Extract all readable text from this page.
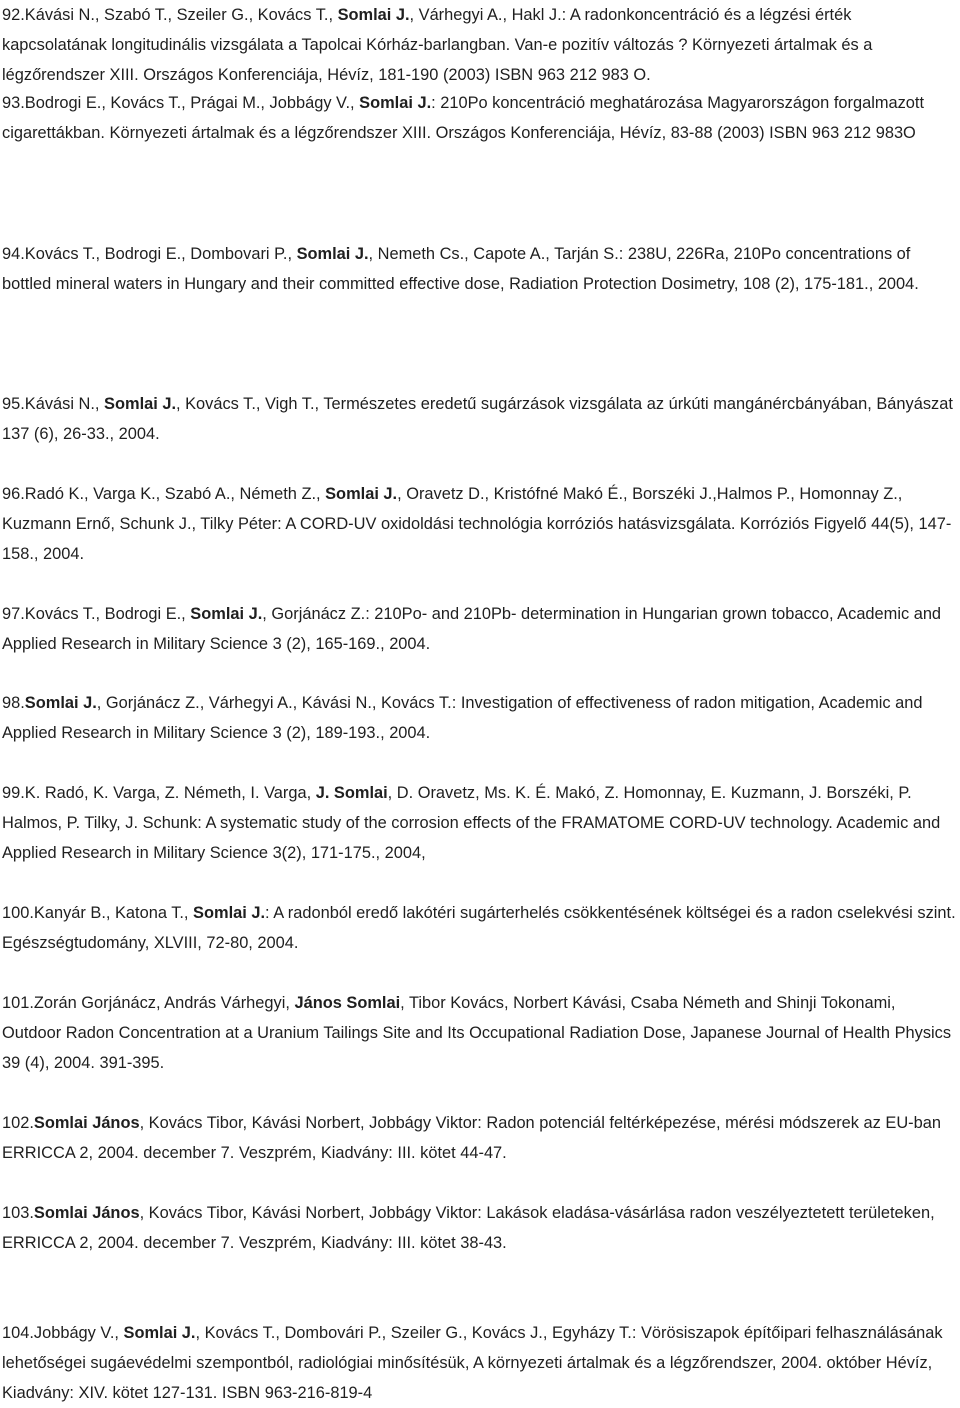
92.Kávási N., Szabó T., Szeiler G., Kovács T., Somlai J., Várhegyi A., Hakl J.: A radonkoncentráció és a légzési érték kapcsolatának longitudinális vizsgálata a Tapolcai Kórház-barlangban. Van-e pozitív változás ? Környezeti ártalmak és a légzőrendszer XIII. Országos Konferenciája, Hévíz, 181-190 (2003) ISBN 963 212 983 O.

93.Bodrogi E., Kovács T., Prágai M., Jobbágy V., Somlai J.: 210Po koncentráció meghatározása Magyarországon forgalmazott cigarettákban. Környezeti ártalmak és a légzőrendszer XIII. Országos Konferenciája, Hévíz, 83-88 (2003) ISBN 963 212 983O

94.Kovács T., Bodrogi E., Dombovari P., Somlai J., Nemeth Cs., Capote A., Tarján S.: 238U, 226Ra, 210Po concentrations of bottled mineral waters in Hungary and their committed effective dose, Radiation Protection Dosimetry, 108 (2), 175-181., 2004.

95.Kávási N., Somlai J., Kovács T., Vigh T., Természetes eredetű sugárzások vizsgálata az úrkúti mangánércbányában, Bányászat 137 (6), 26-33., 2004.

96.Radó K., Varga K., Szabó A., Németh Z., Somlai J., Oravetz D., Kristófné Makó É., Borszéki J.,Halmos P., Homonnay Z., Kuzmann Ernő, Schunk J., Tilky Péter: A CORD-UV oxidoldási technológia korróziós hatásvizsgálata. Korróziós Figyelő 44(5), 147-158., 2004.

97.Kovács T., Bodrogi E., Somlai J., Gorjánácz Z.: 210Po- and 210Pb- determination in Hungarian grown tobacco, Academic and Applied Research in Military Science 3 (2), 165-169., 2004.

98.Somlai J., Gorjánácz Z., Várhegyi A., Kávási N., Kovács T.: Investigation of effectiveness of radon mitigation, Academic and Applied Research in Military Science 3 (2), 189-193., 2004.

99.K. Radó, K. Varga, Z. Németh, I. Varga, J. Somlai, D. Oravetz, Ms. K. É. Makó, Z. Homonnay, E. Kuzmann, J. Borszéki, P. Halmos, P. Tilky, J. Schunk: A systematic study of the corrosion effects of the FRAMATOME CORD-UV technology. Academic and Applied Research in Military Science 3(2), 171-175., 2004,

100.Kanyár B., Katona T., Somlai J.: A radonból eredő lakótéri sugárterhelés csökkentésének költségei és a radon cselekvési szint. Egészségtudomány, XLVIII, 72-80, 2004.

101.Zorán Gorjánácz, András Várhegyi, János Somlai, Tibor Kovács, Norbert Kávási, Csaba Németh and Shinji Tokonami, Outdoor Radon Concentration at a Uranium Tailings Site and Its Occupational Radiation Dose, Japanese Journal of Health Physics 39 (4), 2004. 391-395.

102.Somlai János, Kovács Tibor, Kávási Norbert, Jobbágy Viktor: Radon potenciál feltérképezése, mérési módszerek az EU-ban ERRICCA 2, 2004. december 7. Veszprém, Kiadvány: III. kötet 44-47.

103.Somlai János, Kovács Tibor, Kávási Norbert, Jobbágy Viktor: Lakások eladása-vásárlása radon veszélyeztetett területeken, ERRICCA 2, 2004. december 7. Veszprém, Kiadvány: III. kötet 38-43.

104.Jobbágy V., Somlai J., Kovács T., Dombovári P., Szeiler G., Kovács J., Egyházy T.: Vörösiszapok építőipari felhasználásának lehetőségei sugáevédelmi szempontból, radiológiai minősítésük, A környezeti ártalmak és a légzőrendszer, 2004. október Hévíz, Kiadvány: XIV. kötet 127-131. ISBN 963-216-819-4
